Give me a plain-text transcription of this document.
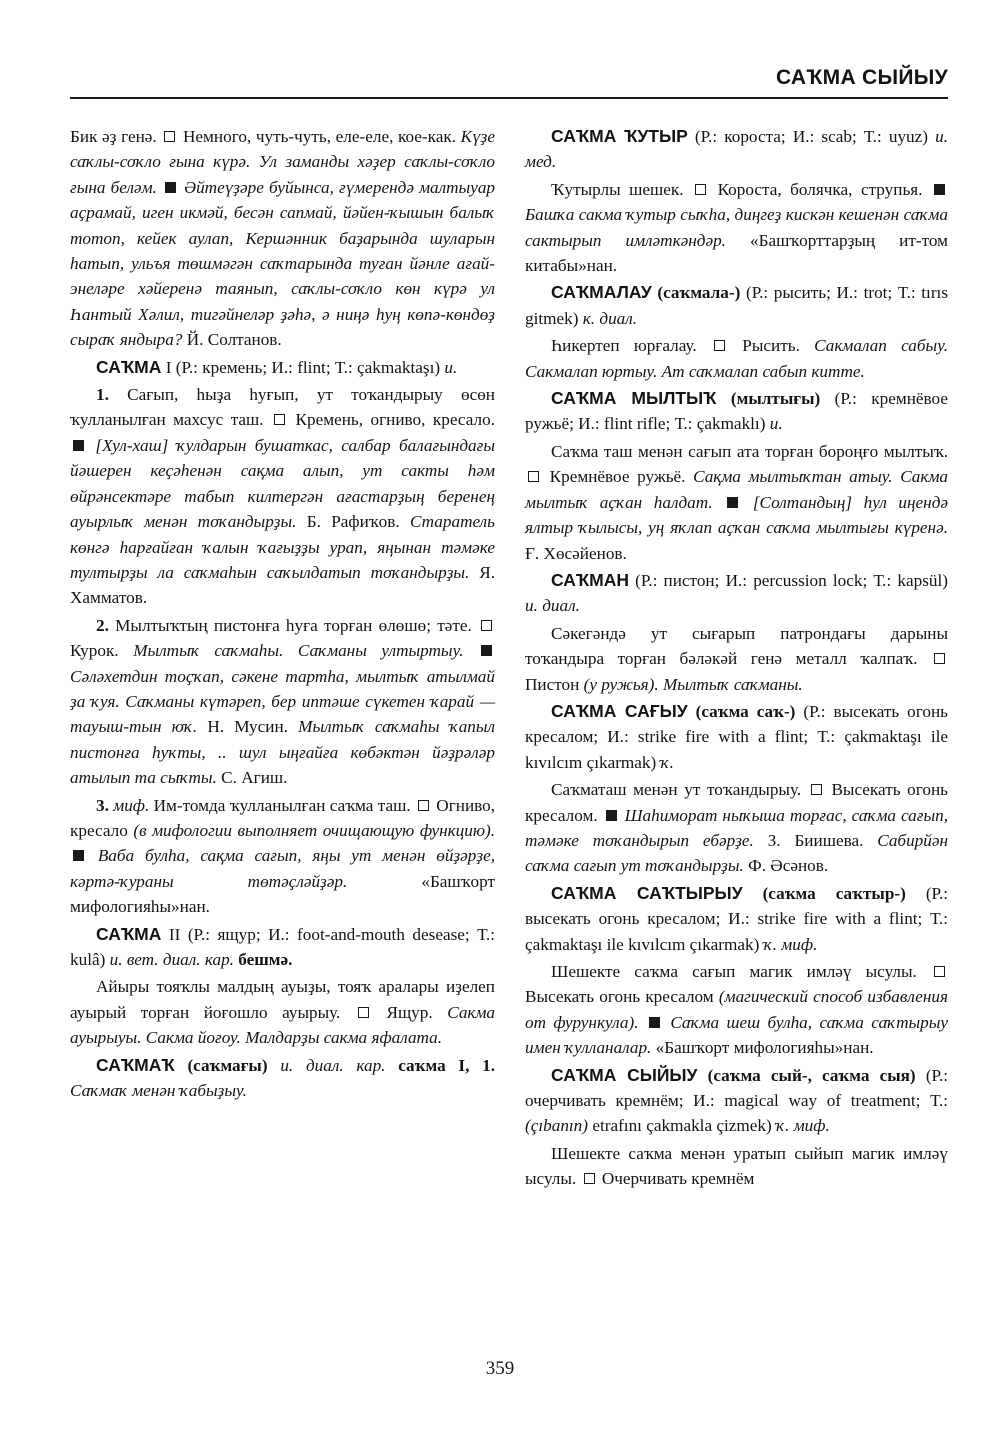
САҠМА СЫЙЫУ

Бик әҙ генә. Немного, чуть-чуть, еле-еле, кое-как. Күҙе саҡлы-соҡло ғына күрә. Ул заманды хәҙер саҡлы-соҡло ғына беләм. Әйтеүҙәре буйынса, ғүмерендә малтыуар аҫрамай, иген икмәй, бесән сапмай, йәйен-ҡышын балыҡ тотоп, кейек аулап, Кершәнник баҙарында шуларын һатып, ульъя төшмәгән саҡтарында туған йәнле ағай-энеләре хәйеренә таянып, саҡлы-соҡло көн күрә ул Һантый Хәлил, тигәйнеләр ҙәһә, ә ниңә һуң көпә-көндөҙ сыраҡ яндыра? Й. Солтанов.

САҠМА I (Р.: кремень; И.: flint; Т.: çakmaktaşı) и.

1. Сағып, һыҙа һуғып, ут тоҡандырыу өсөн ҡулланылған махсус таш. Кремень, огниво, кресало.  [Хул-хаш] ҡулдарын бушаткас, салбар балағындағы йәшерен кеҫәһенән сақма алып, ут сакты һәм өйрәнсектәре табып килтергән ағастарҙың беренең ауырлыҡ менән тоҡандырҙы. Б. Рафиҡов. Старатель көнгә һарғайған ҡалын ҡағыҙҙы урап, яңынан тәмәке тултырҙы ла саҡмаһын саҡылдатып тоҡандырҙы. Я. Хамматов.

2. Мылтыҡтың пистонға һуға торған өлөшө; тәте.  Курок. Мылтыҡ саҡмаһы. Саҡманы ултыртыу.  Сәләхетдин тоҫҡап, сәкене тартһа, мылтыҡ атылмай ҙа ҡуя. Саҡманы күтәреп, бер иптәше сүкетен ҡарай — тауыш-тын юҡ. Н. Мусин. Мылтыҡ саҡмаһы ҡапыл пистонға һуҡты, .. шул ыңғайға көбәктән йәҙрәләр атылып та сыҡты. С. Агиш.

3. миф. Им-томда ҡулланылған саҡма таш. Огниво, кресало (в мифологии выполняет очищающую функцию).  Ваба булһа, сақма сағып, яңы ут менән өйҙәрҙе, кәртә-ҡураны төтәҫләйҙәр.	«Башҡорт мифологияһы»нан.

САҠМА II (Р.: ящур; И.: foot-and-mouth desease; Т.: kulâ) и. вет. диал. кар. бешмә.

Айыры тояҡлы малдың ауыҙы, тояҡ аралары иҙелеп ауырый торған йоғошло ауырыу.	Ящур. Сакма ауырыуы. Сакма йоғоу. Малдарҙы сакма яфалата.

САҠМАҠ (саҡмағы) и. диал. кар. саҡма I, 1. Саҡмаҡ менән ҡабыҙыу.

САҠМА ҠУТЫР (Р.: короста; И.: scab; Т.: uyuz) и. мед.

Ҡутырлы шешек. Короста, болячка, струпья.  Башҡа сакма ҡутыр сыҡһа, диңгеҙ кискән кешенән саҡма сактырып имләткәндәр. «Башҡорттарҙың ит-том китабы»нан.

САҠМАЛАУ (саҡмала-) (Р.: рысить; И.: trot; Т.: tırıs gitmek) к. диал.

Һикертеп юрғалау.	Рысить. Сакмалап сабыу. Сакмалап юртыу. Ат саҡмалап сабып китте.

САҠМА МЫЛТЫҠ (мылтығы) (Р.: кремнёвое ружьё; И.: flint rifle; Т.: çakmaklı) и.

Саҡма таш менән сағып ата торған бороңғо мылтыҡ.  Кремнёвое ружьё. Сақма мылтыҡтан атыу. Сакма мылтыҡ аҫҡан һалдат. [Солтандың] һул иңендә ялтыр ҡылысы, уң яҡлап аҫҡан саҡма мылтығы күренә. Ғ. Хөсәйенов.

САҠМАН (Р.: пистон; И.: percussion lock; Т.: kapsül) и. диал.

Сәкегәндә ут сығарып патрондағы дарыны тоҡандыра торған бәләкәй генә металл ҡалпаҡ.  Пистон (у ружья). Мылтыҡ саҡманы.

САҠМА САҒЫУ (саҡма саҡ-) (Р.: высекать огонь кресалом; И.: strike fire with a flint; Т.: çakmaktaşı ile kıvılcım çıkarmak) ҡ.

Саҡматаш менән ут тоҡандырыу. Высекать огонь кресалом. Шаһиморат ныҡыша торғас, саҡма сағып, тәмәке тоҡандырып ебәрҙе. З. Биишева. Сабирйән саҡма сағып ут тоҡандырҙы. Ф. Әсәнов.

САҠМА САҠТЫРЫУ (саҡма саҡтыр-) (Р.: высекать огонь кресалом; И.: strike fire with a flint; Т.: çakmaktaşı ile kıvılcım çıkarmak) ҡ. миф.

Шешекте саҡма сағып магик имләү ысулы.  Высекать огонь кресалом (магический способ избавления от фурункула). Саҡма шеш булһа, саҡма саҡтырыу имен ҡулланалар. «Башҡорт мифологияһы»нан.

САҠМА СЫЙЫУ (саҡма сый-, саҡма сыя) (Р.: очерчивать кремнём; И.: magical way of treatment; Т.: (çıbanın) etrafını çakmakla çizmek) ҡ. миф.

Шешекте саҡма менән уратып сыйып магик имләү ысулы. Очерчивать кремнём

359
